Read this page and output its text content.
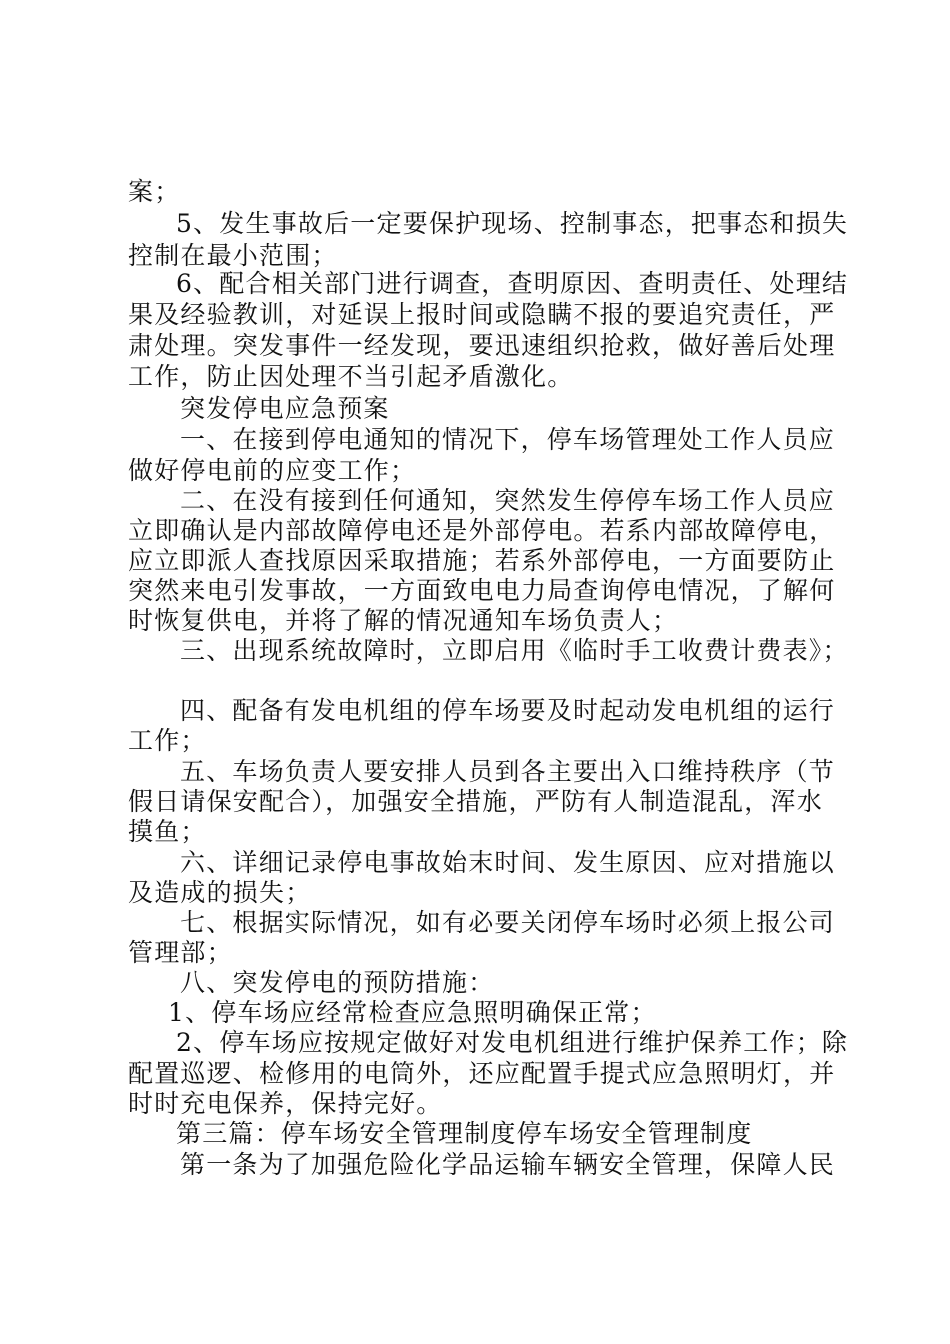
案；
5、发生事故后一定要保护现场、控制事态，把事态和损失
控制在最小范围；
6、配合相关部门进行调查，查明原因、查明责任、处理结
果及经验教训，对延误上报时间或隐瞒不报的要追究责任，严
肃处理。突发事件一经发现，要迅速组织抢救，做好善后处理
工作，防止因处理不当引起矛盾激化。
突发停电应急预案
一、在接到停电通知的情况下，停车场管理处工作人员应
做好停电前的应变工作；
二、在没有接到任何通知，突然发生停停车场工作人员应
立即确认是内部故障停电还是外部停电。若系内部故障停电，
应立即派人查找原因采取措施；若系外部停电，一方面要防止
突然来电引发事故，一方面致电电力局查询停电情况，了解何
时恢复供电，并将了解的情况通知车场负责人；
三、出现系统故障时，立即启用《临时手工收费计费表》；
四、配备有发电机组的停车场要及时起动发电机组的运行
工作；
五、车场负责人要安排人员到各主要出入口维持秩序（节
假日请保安配合），加强安全措施，严防有人制造混乱，浑水
摸鱼；
六、详细记录停电事故始末时间、发生原因、应对措施以
及造成的损失；
七、根据实际情况，如有必要关闭停车场时必须上报公司
管理部；
八、突发停电的预防措施：
1、停车场应经常检查应急照明确保正常；
2、停车场应按规定做好对发电机组进行维护保养工作；除
配置巡逻、检修用的电筒外，还应配置手提式应急照明灯，并
时时充电保养，保持完好。
第三篇：停车场安全管理制度停车场安全管理制度
第一条为了加强危险化学品运输车辆安全管理，保障人民
